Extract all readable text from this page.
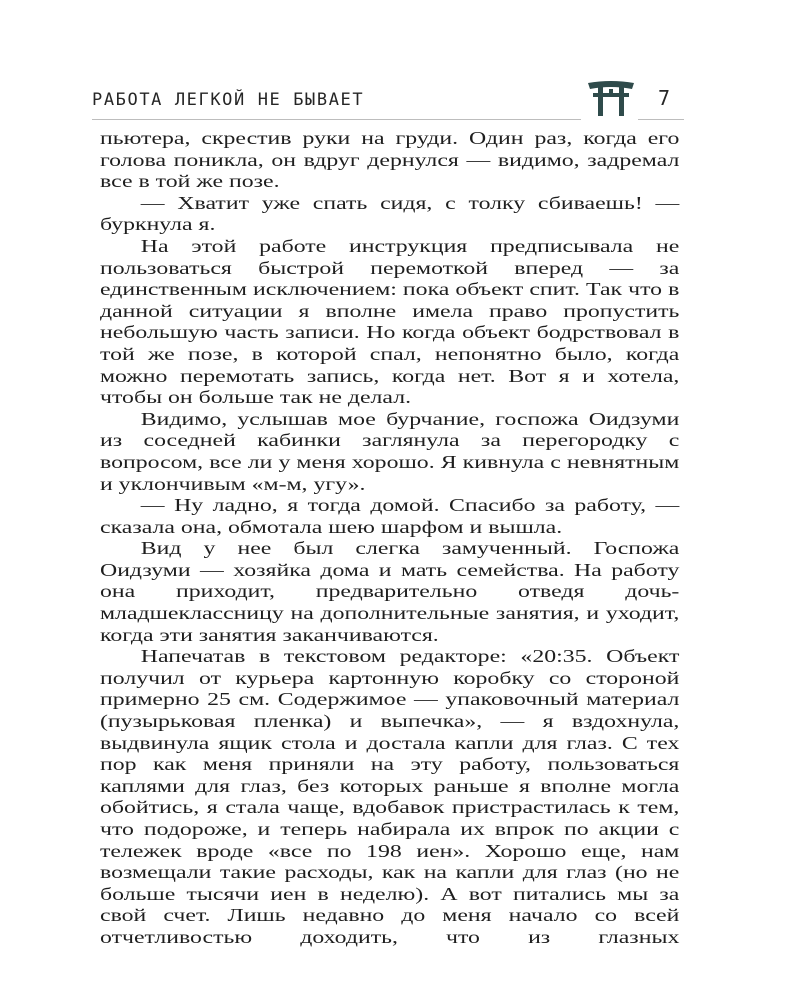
РАБОТА ЛЕГКОЙ НЕ БЫВАЕТ	7

пьютера, скрестив руки на груди. Один раз, когда его голова поникла, он вдруг дернулся — видимо, задремал все в той же позе.

— Хватит уже спать сидя, с толку сбиваешь! — буркнула я.

На этой работе инструкция предписывала не пользоваться быстрой перемоткой вперед — за единственным исключением: пока объект спит. Так что в данной ситуации я вполне имела право пропустить небольшую часть записи. Но когда объект бодрствовал в той же позе, в которой спал, непонятно было, когда можно перемотать запись, когда нет. Вот я и хотела, чтобы он больше так не делал.

Видимо, услышав мое бурчание, госпожа Оидзуми из соседней кабинки заглянула за перегородку с вопросом, все ли у меня хорошо. Я кивнула с невнятным и уклончивым «м-м, угу».

— Ну ладно, я тогда домой. Спасибо за работу, — сказала она, обмотала шею шарфом и вышла.

Вид у нее был слегка замученный. Госпожа Оидзуми — хозяйка дома и мать семейства. На работу она приходит, предварительно отведя дочь-младшеклассницу на дополнительные занятия, и уходит, когда эти занятия заканчиваются.

Напечатав в текстовом редакторе: «20:35. Объект получил от курьера картонную коробку со стороной примерно 25 см. Содержимое — упаковочный материал (пузырьковая пленка) и выпечка», — я вздохнула, выдвинула ящик стола и достала капли для глаз. С тех пор как меня приняли на эту работу, пользоваться каплями для глаз, без которых раньше я вполне могла обойтись, я стала чаще, вдобавок пристрастилась к тем, что подороже, и теперь набирала их впрок по акции с тележек вроде «все по 198 иен». Хорошо еще, нам возмещали такие расходы, как на капли для глаз (но не больше тысячи иен в неделю). А вот питались мы за свой счет. Лишь недавно до меня начало со всей отчетливостью доходить, что из глазных
